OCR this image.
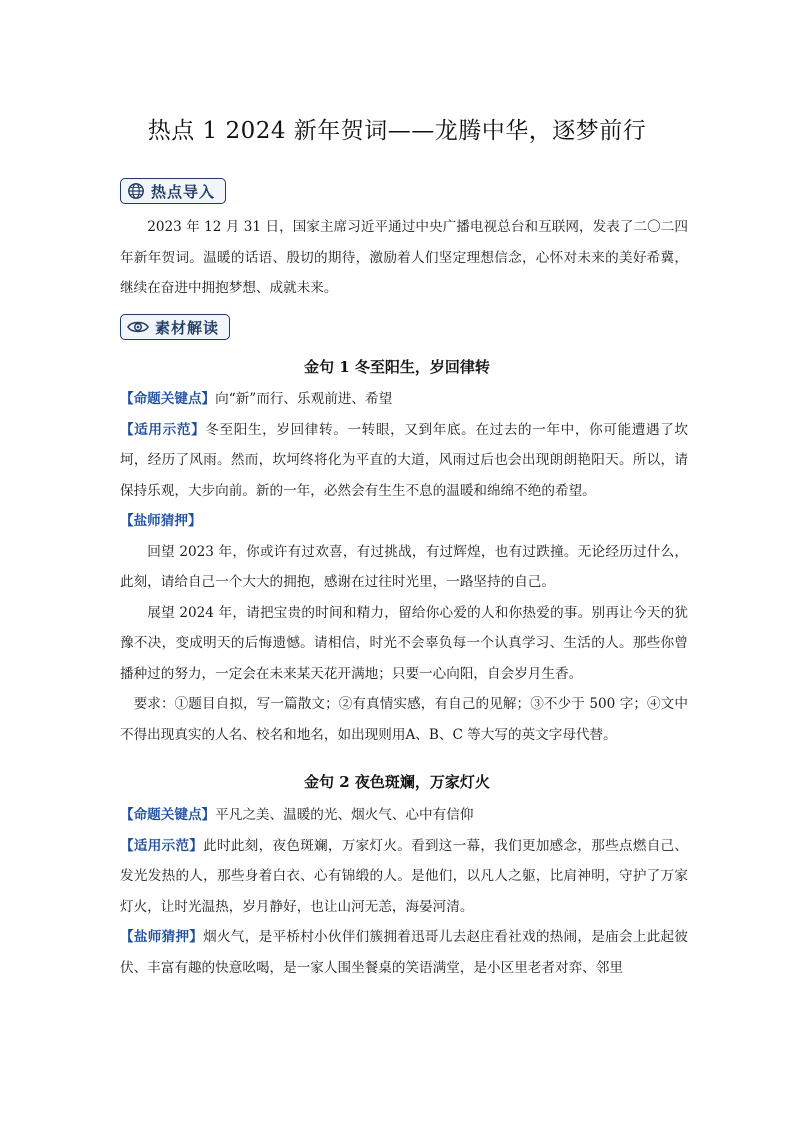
热点 1 2024 新年贺词——龙腾中华，逐梦前行
热点导入

2023 年 12 月 31 日，国家主席习近平通过中央广播电视总台和互联网，发表了二〇二四年新年贺词。温暖的话语、殷切的期待，激励着人们坚定理想信念，心怀对未来的美好希冀，继续在奋进中拥抱梦想、成就未来。

素材解读
金句 1 冬至阳生，岁回律转

【命题关键点】向“新”而行、乐观前进、希望

【适用示范】冬至阳生，岁回律转。一转眼，又到年底。在过去的一年中，你可能遭遇了坎坷，经历了风雨。然而，坎坷终将化为平直的大道，风雨过后也会出现朗朗艳阳天。所以，请保持乐观，大步向前。新的一年，必然会有生生不息的温暖和绵绵不绝的希望。

【盐师猜押】

回望 2023 年，你或许有过欢喜，有过挑战，有过辉煌，也有过跌撞。无论经历过什么，此刻，请给自己一个大大的拥抱，感谢在过往时光里，一路坚持的自己。

展望 2024 年，请把宝贵的时间和精力，留给你心爱的人和你热爱的事。别再让今天的犹豫不决，变成明天的后悔遗憾。请相信，时光不会辜负每一个认真学习、生活的人。那些你曾播种过的努力，一定会在未来某天花开满地；只要一心向阳，自会岁月生香。

要求：①题目自拟，写一篇散文；②有真情实感，有自己的见解；③不少于 500 字；④文中不得出现真实的人名、校名和地名，如出现则用A、B、C 等大写的英文字母代替。

金句 2 夜色斑斓，万家灯火

【命题关键点】平凡之美、温暖的光、烟火气、心中有信仰

【适用示范】此时此刻，夜色斑斓，万家灯火。看到这一幕，我们更加感念，那些点燃自己、发光发热的人，那些身着白衣、心有锦缎的人。是他们，以凡人之躯，比肩神明，守护了万家灯火，让时光温热，岁月静好，也让山河无恙，海晏河清。

【盐师猜押】烟火气，是平桥村小伙伴们簇拥着迅哥儿去赵庄看社戏的热闹，是庙会上此起彼伏、丰富有趣的快意吆喝，是一家人围坐餐桌的笑语满堂，是小区里老者对弈、邻里
